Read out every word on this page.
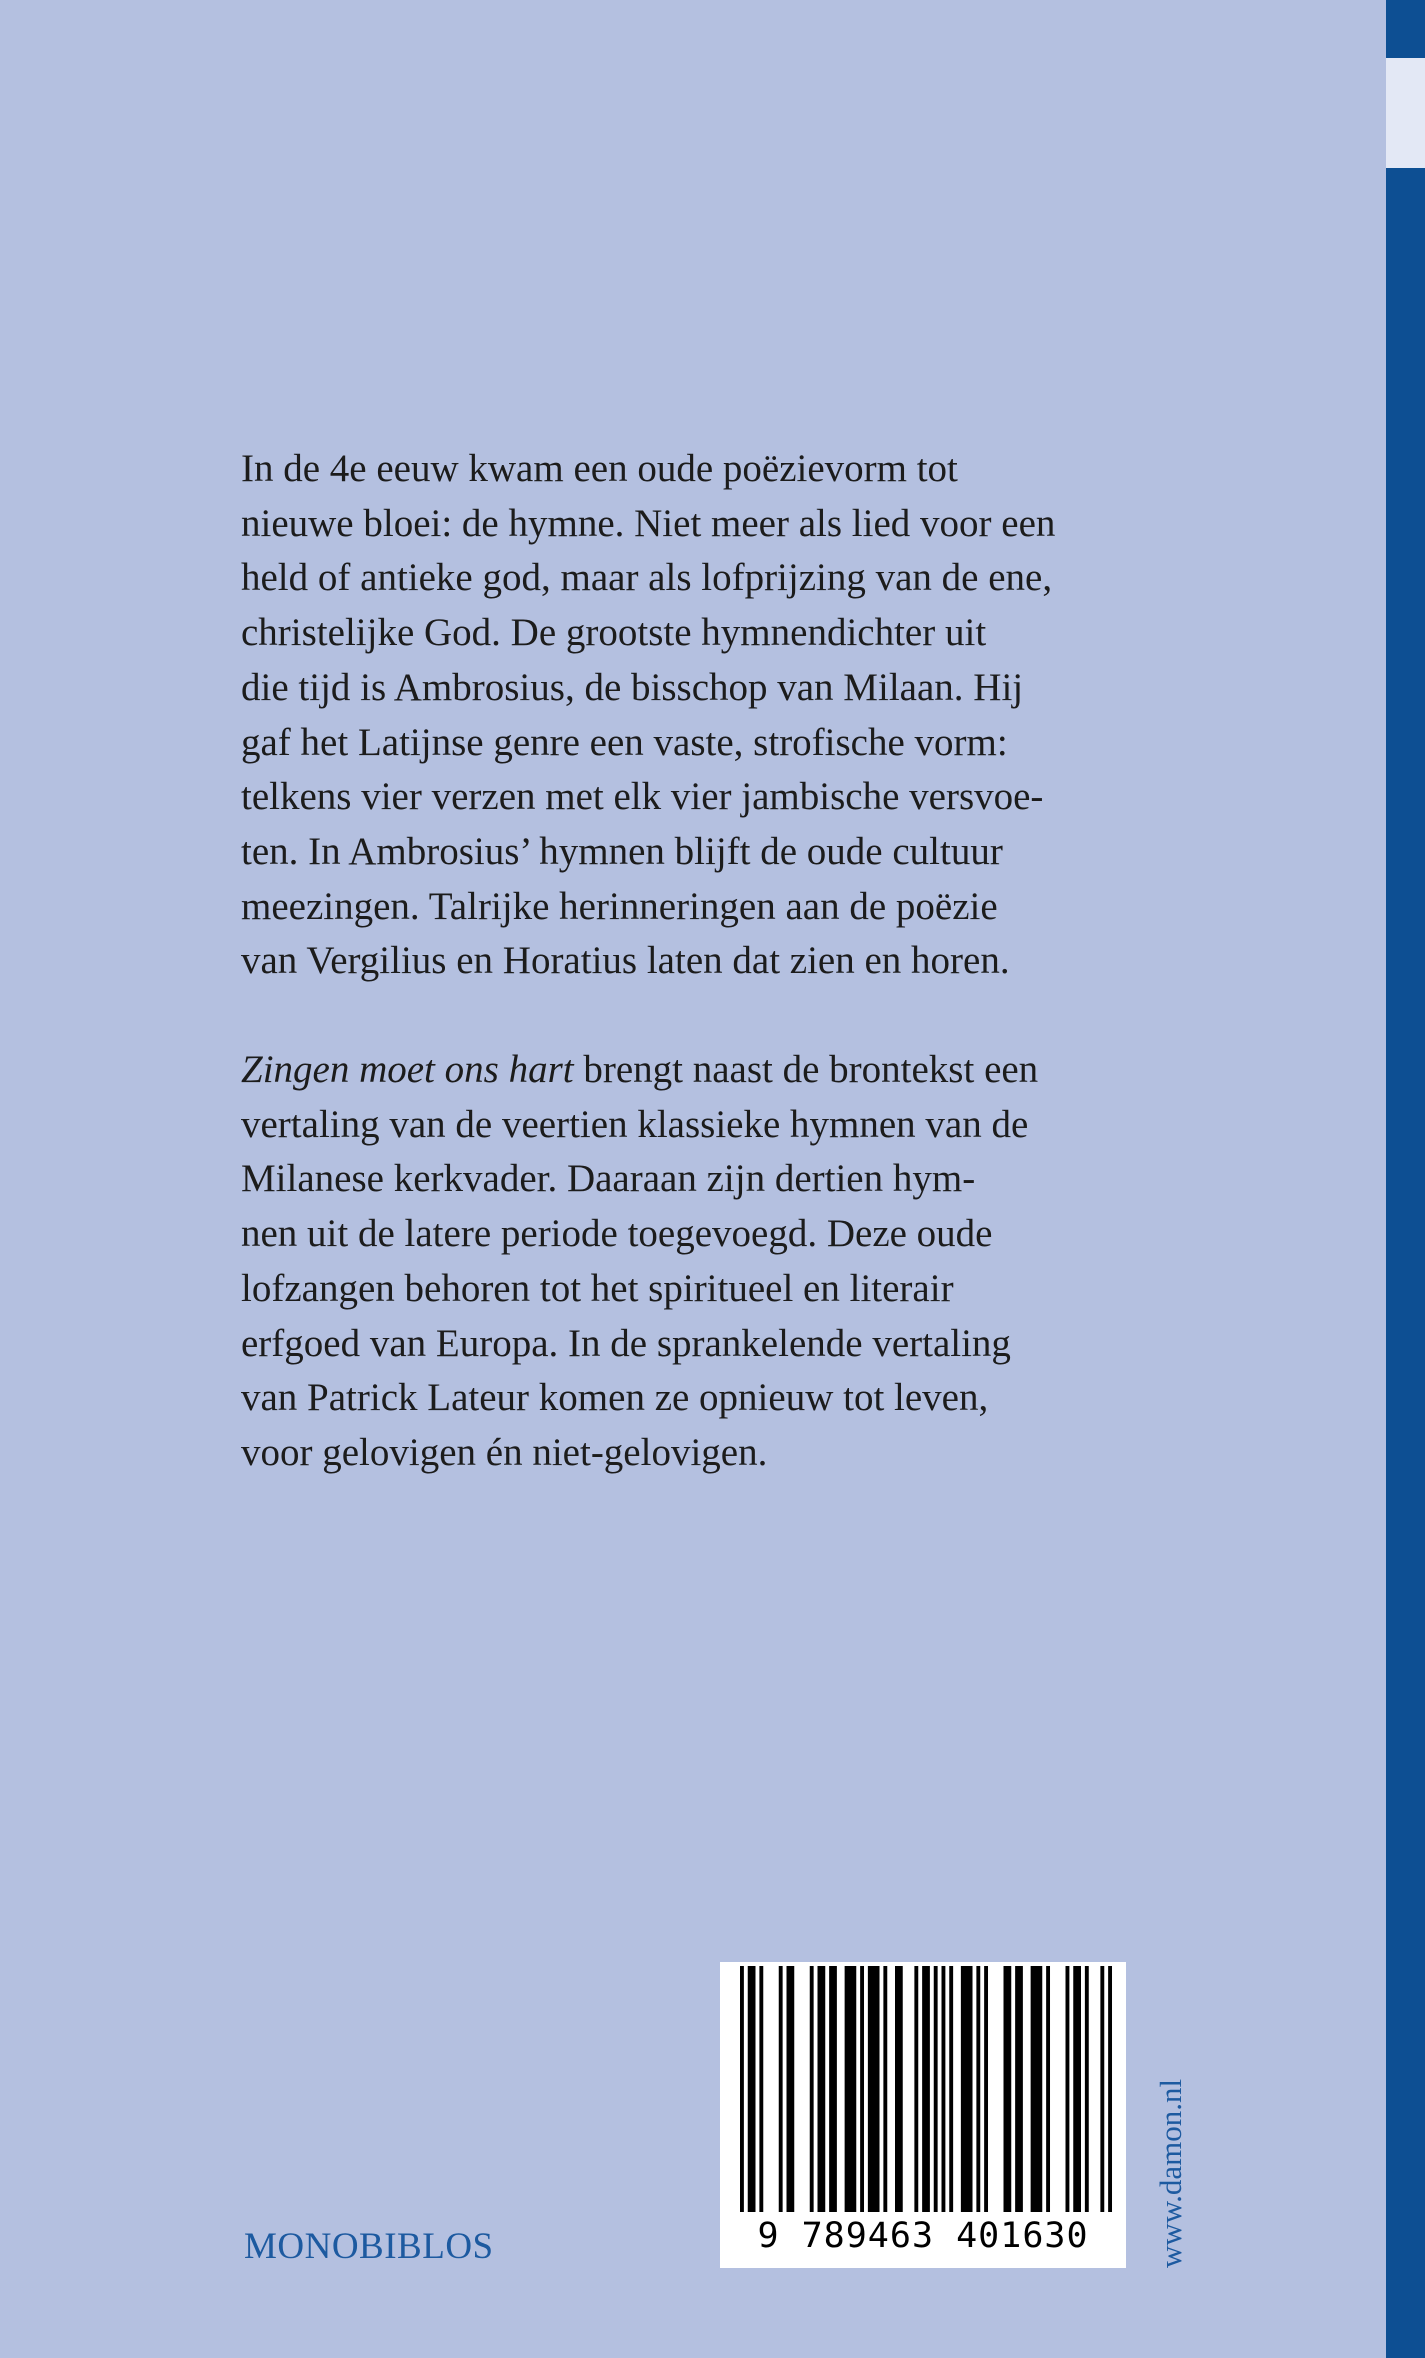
In de 4e eeuw kwam een oude poëzievorm tot
nieuwe bloei: de hymne. Niet meer als lied voor een
held of antieke god, maar als lofprijzing van de ene,
christelijke God. De grootste hymnendichter uit
die tijd is Ambrosius, de bisschop van Milaan. Hij
gaf het Latijnse genre een vaste, strofische vorm:
telkens vier verzen met elk vier jambische versvoe-
ten. In Ambrosius’ hymnen blijft de oude cultuur
meezingen. Talrijke herinneringen aan de poëzie
van Vergilius en Horatius laten dat zien en horen.
Zingen moet ons hart brengt naast de brontekst een
vertaling van de veertien klassieke hymnen van de
Milanese kerkvader. Daaraan zijn dertien hym-
nen uit de latere periode toegevoegd. Deze oude
lofzangen behoren tot het spiritueel en literair
erfgoed van Europa. In de sprankelende vertaling
van Patrick Lateur komen ze opnieuw tot leven,
voor gelovigen én niet-gelovigen.
MONOBIBLOS	9 789463 401630	www.damon.nl
